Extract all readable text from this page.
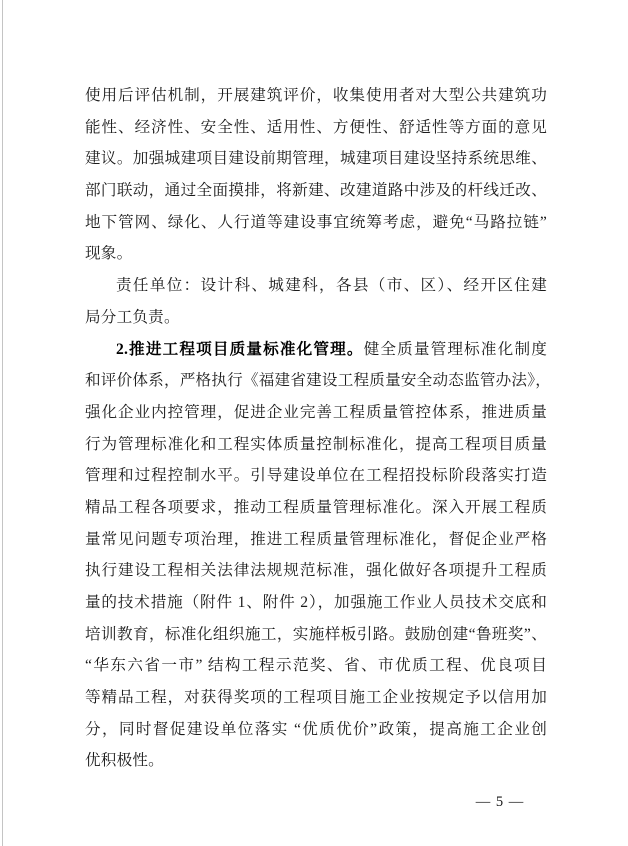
使用后评估机制，开展建筑评价，收集使用者对大型公共建筑功
能性、经济性、安全性、适用性、方便性、舒适性等方面的意见
建议。加强城建项目建设前期管理，城建项目建设坚持系统思维、
部门联动，通过全面摸排，将新建、改建道路中涉及的杆线迁改、
地下管网、绿化、人行道等建设事宜统筹考虑，避免“马路拉链”
现象。
责任单位：设计科、城建科，各县（市、区）、经开区住建
局分工负责。
2.推进工程项目质量标准化管理。健全质量管理标准化制度
和评价体系，严格执行《福建省建设工程质量安全动态监管办法》，
强化企业内控管理，促进企业完善工程质量管控体系，推进质量
行为管理标准化和工程实体质量控制标准化，提高工程项目质量
管理和过程控制水平。引导建设单位在工程招投标阶段落实打造
精品工程各项要求，推动工程质量管理标准化。深入开展工程质
量常见问题专项治理，推进工程质量管理标准化，督促企业严格
执行建设工程相关法律法规规范标准，强化做好各项提升工程质
量的技术措施（附件 1、附件 2），加强施工作业人员技术交底和
培训教育，标准化组织施工，实施样板引路。鼓励创建“鲁班奖”、
“华东六省一市” 结构工程示范奖、省、市优质工程、优良项目
等精品工程，对获得奖项的工程项目施工企业按规定予以信用加
分，同时督促建设单位落实 “优质优价”政策，提高施工企业创
优积极性。
— 5 —
